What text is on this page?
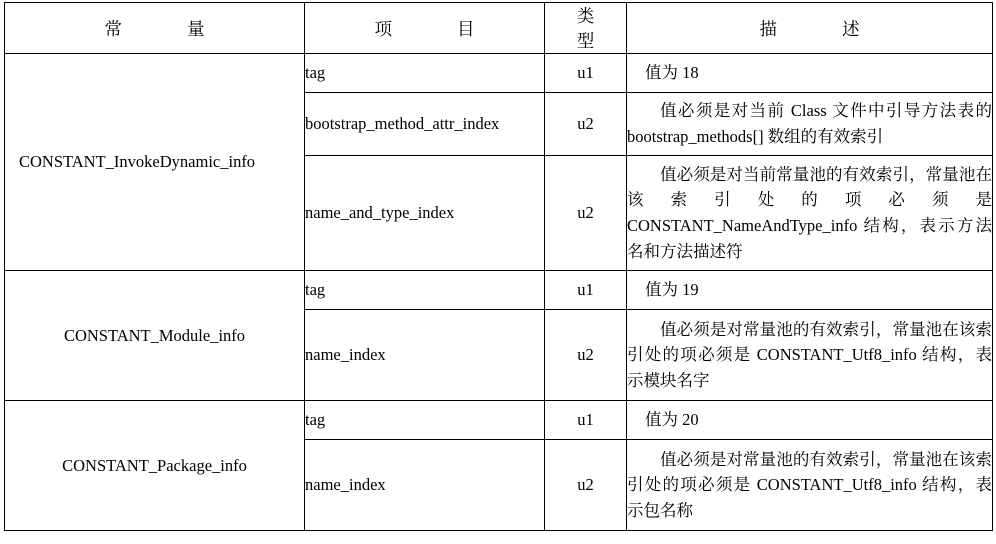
常　　量	项　　目	类　型	描　　述

CONSTANT_InvokeDynamic_info	tag	u1	值为 18
	bootstrap_method_attr_index	u2	值必须是对当前 Class 文件中引导方法表的 bootstrap_methods[] 数组的有效索引

	name_and_type_index	u2	值必须是对当前常量池的有效索引，常量池在该索引处的项必须是 CONSTANT_NameAndType_info 结构，表示方法名和方法描述符

CONSTANT_Module_info	tag	u1	值为 19
	name_index	u2	值必须是对常量池的有效索引，常量池在该索引处的项必须是 CONSTANT_Utf8_info 结构，表示模块名字

CONSTANT_Package_info	tag	u1	值为 20
	name_index	u2	值必须是对常量池的有效索引，常量池在该索引处的项必须是 CONSTANT_Utf8_info 结构，表示包名称
